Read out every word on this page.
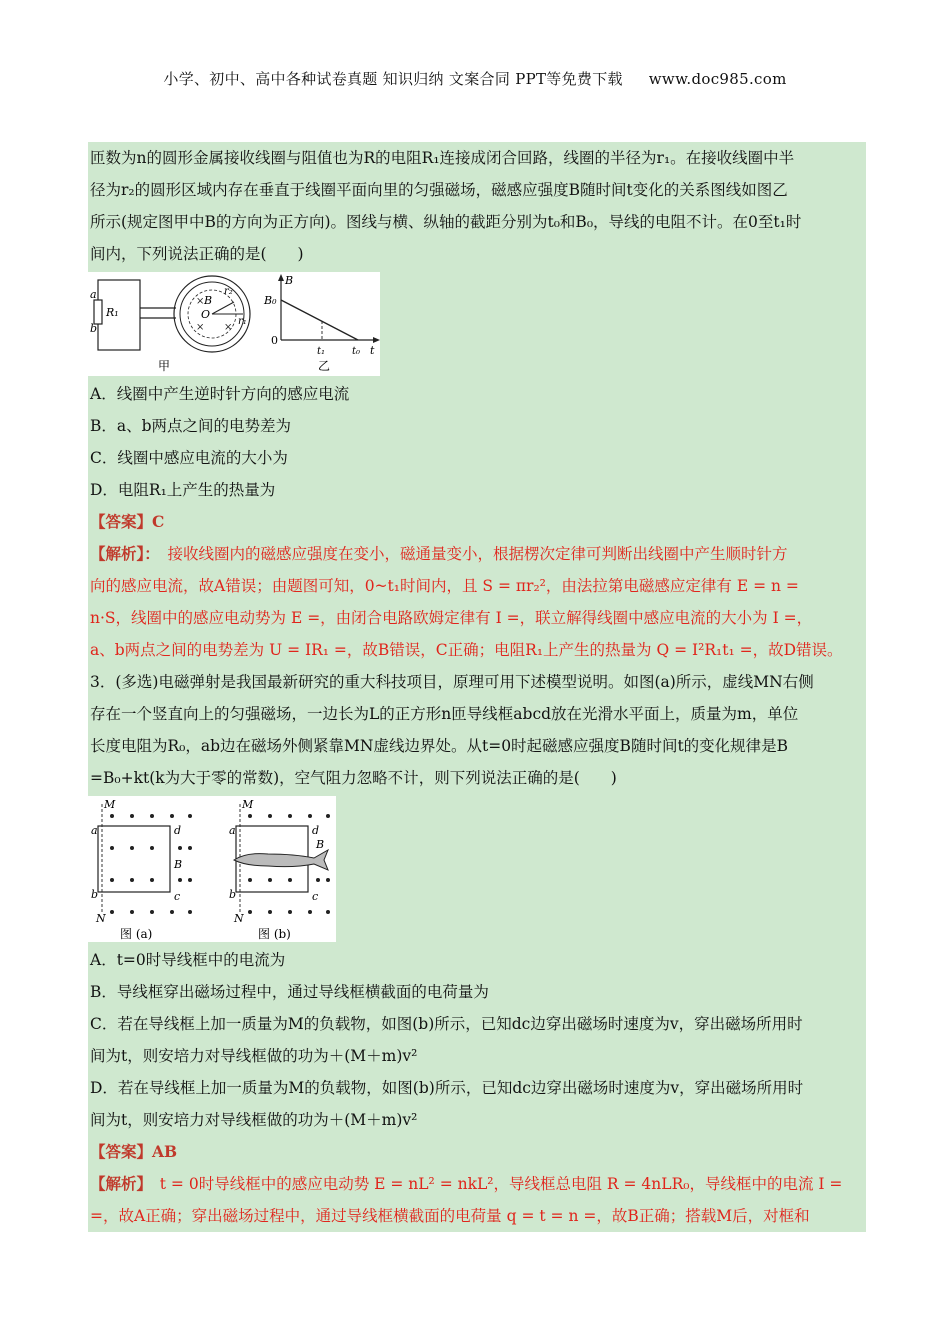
小学、初中、高中各种试卷真题 知识归纳 文案合同 PPT等免费下载 www.doc985.com
匝数为n的圆形金属接收线圈与阻值也为R的电阻R₁连接成闭合回路，线圈的半径为r₁。在接收线圈中半
径为r₂的圆形区域内存在垂直于线圈平面向里的匀强磁场，磁感应强度B随时间t变化的关系图线如图乙
所示(规定图甲中B的方向为正方向)。图线与横、纵轴的截距分别为t₀和B₀，导线的电阻不计。在0至t₁时
间内，下列说法正确的是(　　)
× ×
×
a
b
R₁
B
r₂
O
r₁
甲
B
B₀
0
t₁	t₀ t
乙
A．线圈中产生逆时针方向的感应电流
B．a、b两点之间的电势差为
C．线圈中感应电流的大小为
D．电阻R₁上产生的热量为
【答案】C
【解析】：　接收线圈内的磁感应强度在变小，磁通量变小，根据楞次定律可判断出线圈中产生顺时针方
向的感应电流，故A错误；由题图可知，0~t₁时间内，且 S = πr₂²，由法拉第电磁感应定律有 E = n =
n·S，线圈中的感应电动势为 E =，由闭合电路欧姆定律有 I =，联立解得线圈中感应电流的大小为 I =，
a、b两点之间的电势差为 U = IR₁ =，故B错误，C正确；电阻R₁上产生的热量为 Q = I²R₁t₁ =，故D错误。
3．(多选)电磁弹射是我国最新研究的重大科技项目，原理可用下述模型说明。如图(a)所示，虚线MN右侧
存在一个竖直向上的匀强磁场，一边长为L的正方形n匝导线框abcd放在光滑水平面上，质量为m，单位
长度电阻为R₀，ab边在磁场外侧紧靠MN虚线边界处。从t=0时起磁感应强度B随时间t的变化规律是B
=B₀+kt(k为大于零的常数)，空气阻力忽略不计，则下列说法正确的是(　　)
M
a
b
d
c
B
N
图 (a)
M
a
b
d
c
B
N
图 (b)
A．t=0时导线框中的电流为
B．导线框穿出磁场过程中，通过导线框横截面的电荷量为
C．若在导线框上加一质量为M的负载物，如图(b)所示，已知dc边穿出磁场时速度为v，穿出磁场所用时
间为t，则安培力对导线框做的功为＋(M＋m)v²
D．若在导线框上加一质量为M的负载物，如图(b)所示，已知dc边穿出磁场时速度为v，穿出磁场所用时
间为t，则安培力对导线框做的功为＋(M＋m)v²
【答案】AB
【解析】　t = 0时导线框中的感应电动势 E = nL² = nkL²，导线框总电阻 R = 4nLR₀，导线框中的电流 I =
=，故A正确；穿出磁场过程中，通过导线框横截面的电荷量 q = t = n =，故B正确；搭载M后，对框和
